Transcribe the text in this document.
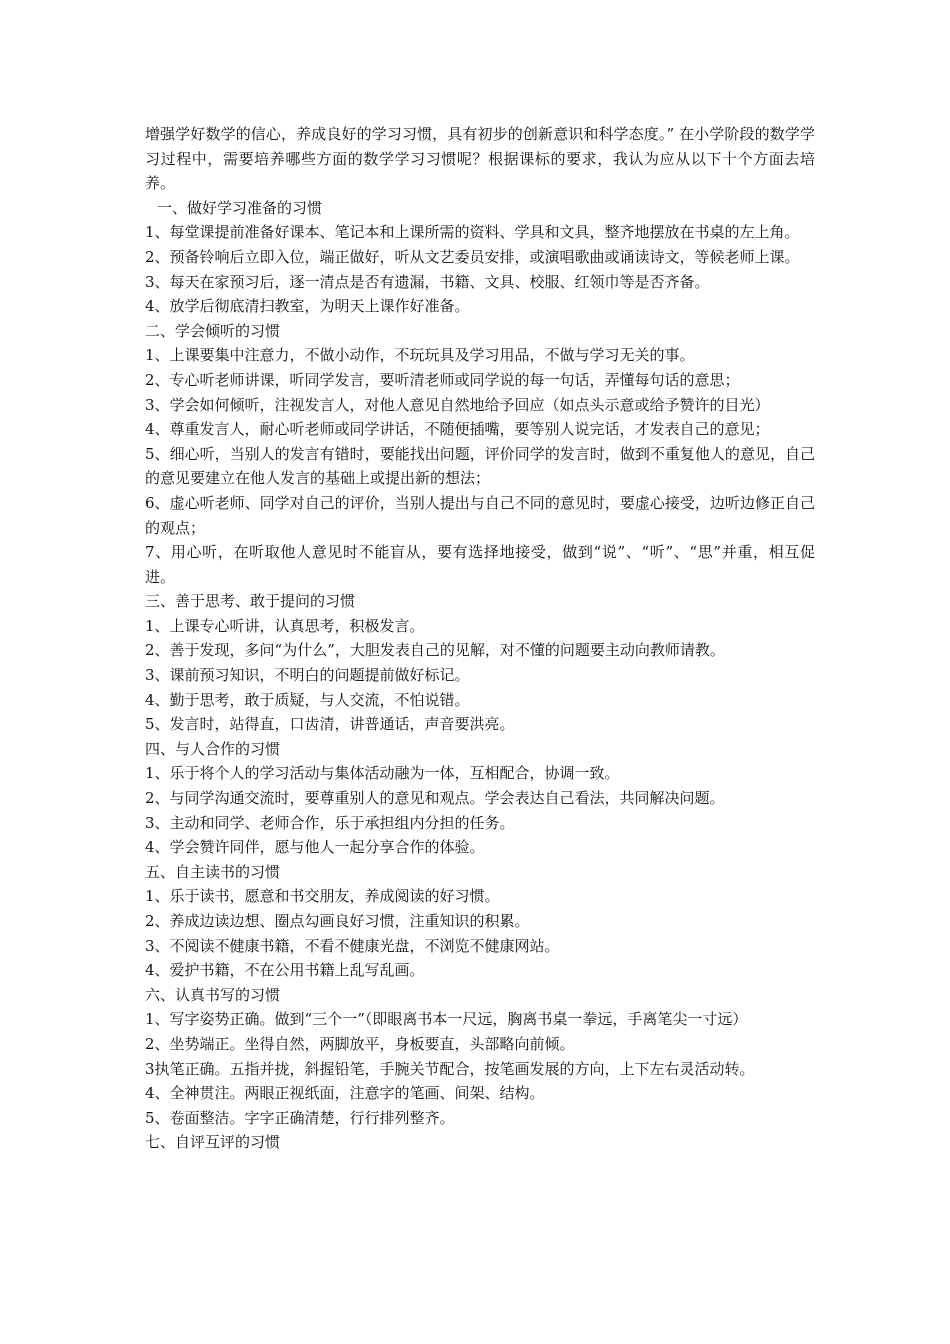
增强学好数学的信心，养成良好的学习习惯，具有初步的创新意识和科学态度。” 在小学阶段的数学学习过程中，需要培养哪些方面的数学学习习惯呢？根据课标的要求，我认为应从以下十个方面去培养。

一、做好学习准备的习惯

1、每堂课提前准备好课本、笔记本和上课所需的资料、学具和文具，整齐地摆放在书桌的左上角。

2、预备铃响后立即入位，端正做好，听从文艺委员安排，或演唱歌曲或诵读诗文，等候老师上课。

3、每天在家预习后，逐一清点是否有遗漏，书籍、文具、校服、红领巾等是否齐备。

4、放学后彻底清扫教室，为明天上课作好准备。

二、学会倾听的习惯

1、上课要集中注意力，不做小动作，不玩玩具及学习用品，不做与学习无关的事。

2、专心听老师讲课，听同学发言，要听清老师或同学说的每一句话，弄懂每句话的意思；

3、学会如何倾听，注视发言人，对他人意见自然地给予回应（如点头示意或给予赞许的目光）

4、尊重发言人，耐心听老师或同学讲话，不随便插嘴，要等别人说完话，才发表自己的意见；

5、细心听，当别人的发言有错时，要能找出问题，评价同学的发言时，做到不重复他人的意见，自己的意见要建立在他人发言的基础上或提出新的想法；

6、虚心听老师、同学对自己的评价，当别人提出与自己不同的意见时，要虚心接受，边听边修正自己的观点；

7、用心听，在听取他人意见时不能盲从，要有选择地接受，做到“说”、“听”、“思”并重，相互促进。

三、善于思考、敢于提问的习惯

1、上课专心听讲，认真思考，积极发言。

2、善于发现，多问“为什么”，大胆发表自己的见解，对不懂的问题要主动向教师请教。

3、课前预习知识，不明白的问题提前做好标记。

4、勤于思考，敢于质疑，与人交流，不怕说错。

5、发言时，站得直，口齿清，讲普通话，声音要洪亮。

四、与人合作的习惯

1、乐于将个人的学习活动与集体活动融为一体，互相配合，协调一致。

2、与同学沟通交流时，要尊重别人的意见和观点。学会表达自己看法，共同解决问题。

3、主动和同学、老师合作，乐于承担组内分担的任务。

4、学会赞许同伴，愿与他人一起分享合作的体验。

五、自主读书的习惯

1、乐于读书，愿意和书交朋友，养成阅读的好习惯。

2、养成边读边想、圈点勾画良好习惯，注重知识的积累。

3、不阅读不健康书籍，不看不健康光盘，不浏览不健康网站。

4、爱护书籍，不在公用书籍上乱写乱画。

六、认真书写的习惯

1、写字姿势正确。做到“三个一”（即眼离书本一尺远，胸离书桌一拳远，手离笔尖一寸远）

2、坐势端正。坐得自然，两脚放平，身板要直，头部略向前倾。

3执笔正确。五指并拢，斜握铅笔，手腕关节配合，按笔画发展的方向，上下左右灵活动转。

4、全神贯注。两眼正视纸面，注意字的笔画、间架、结构。

5、卷面整洁。字字正确清楚，行行排列整齐。

七、自评互评的习惯
